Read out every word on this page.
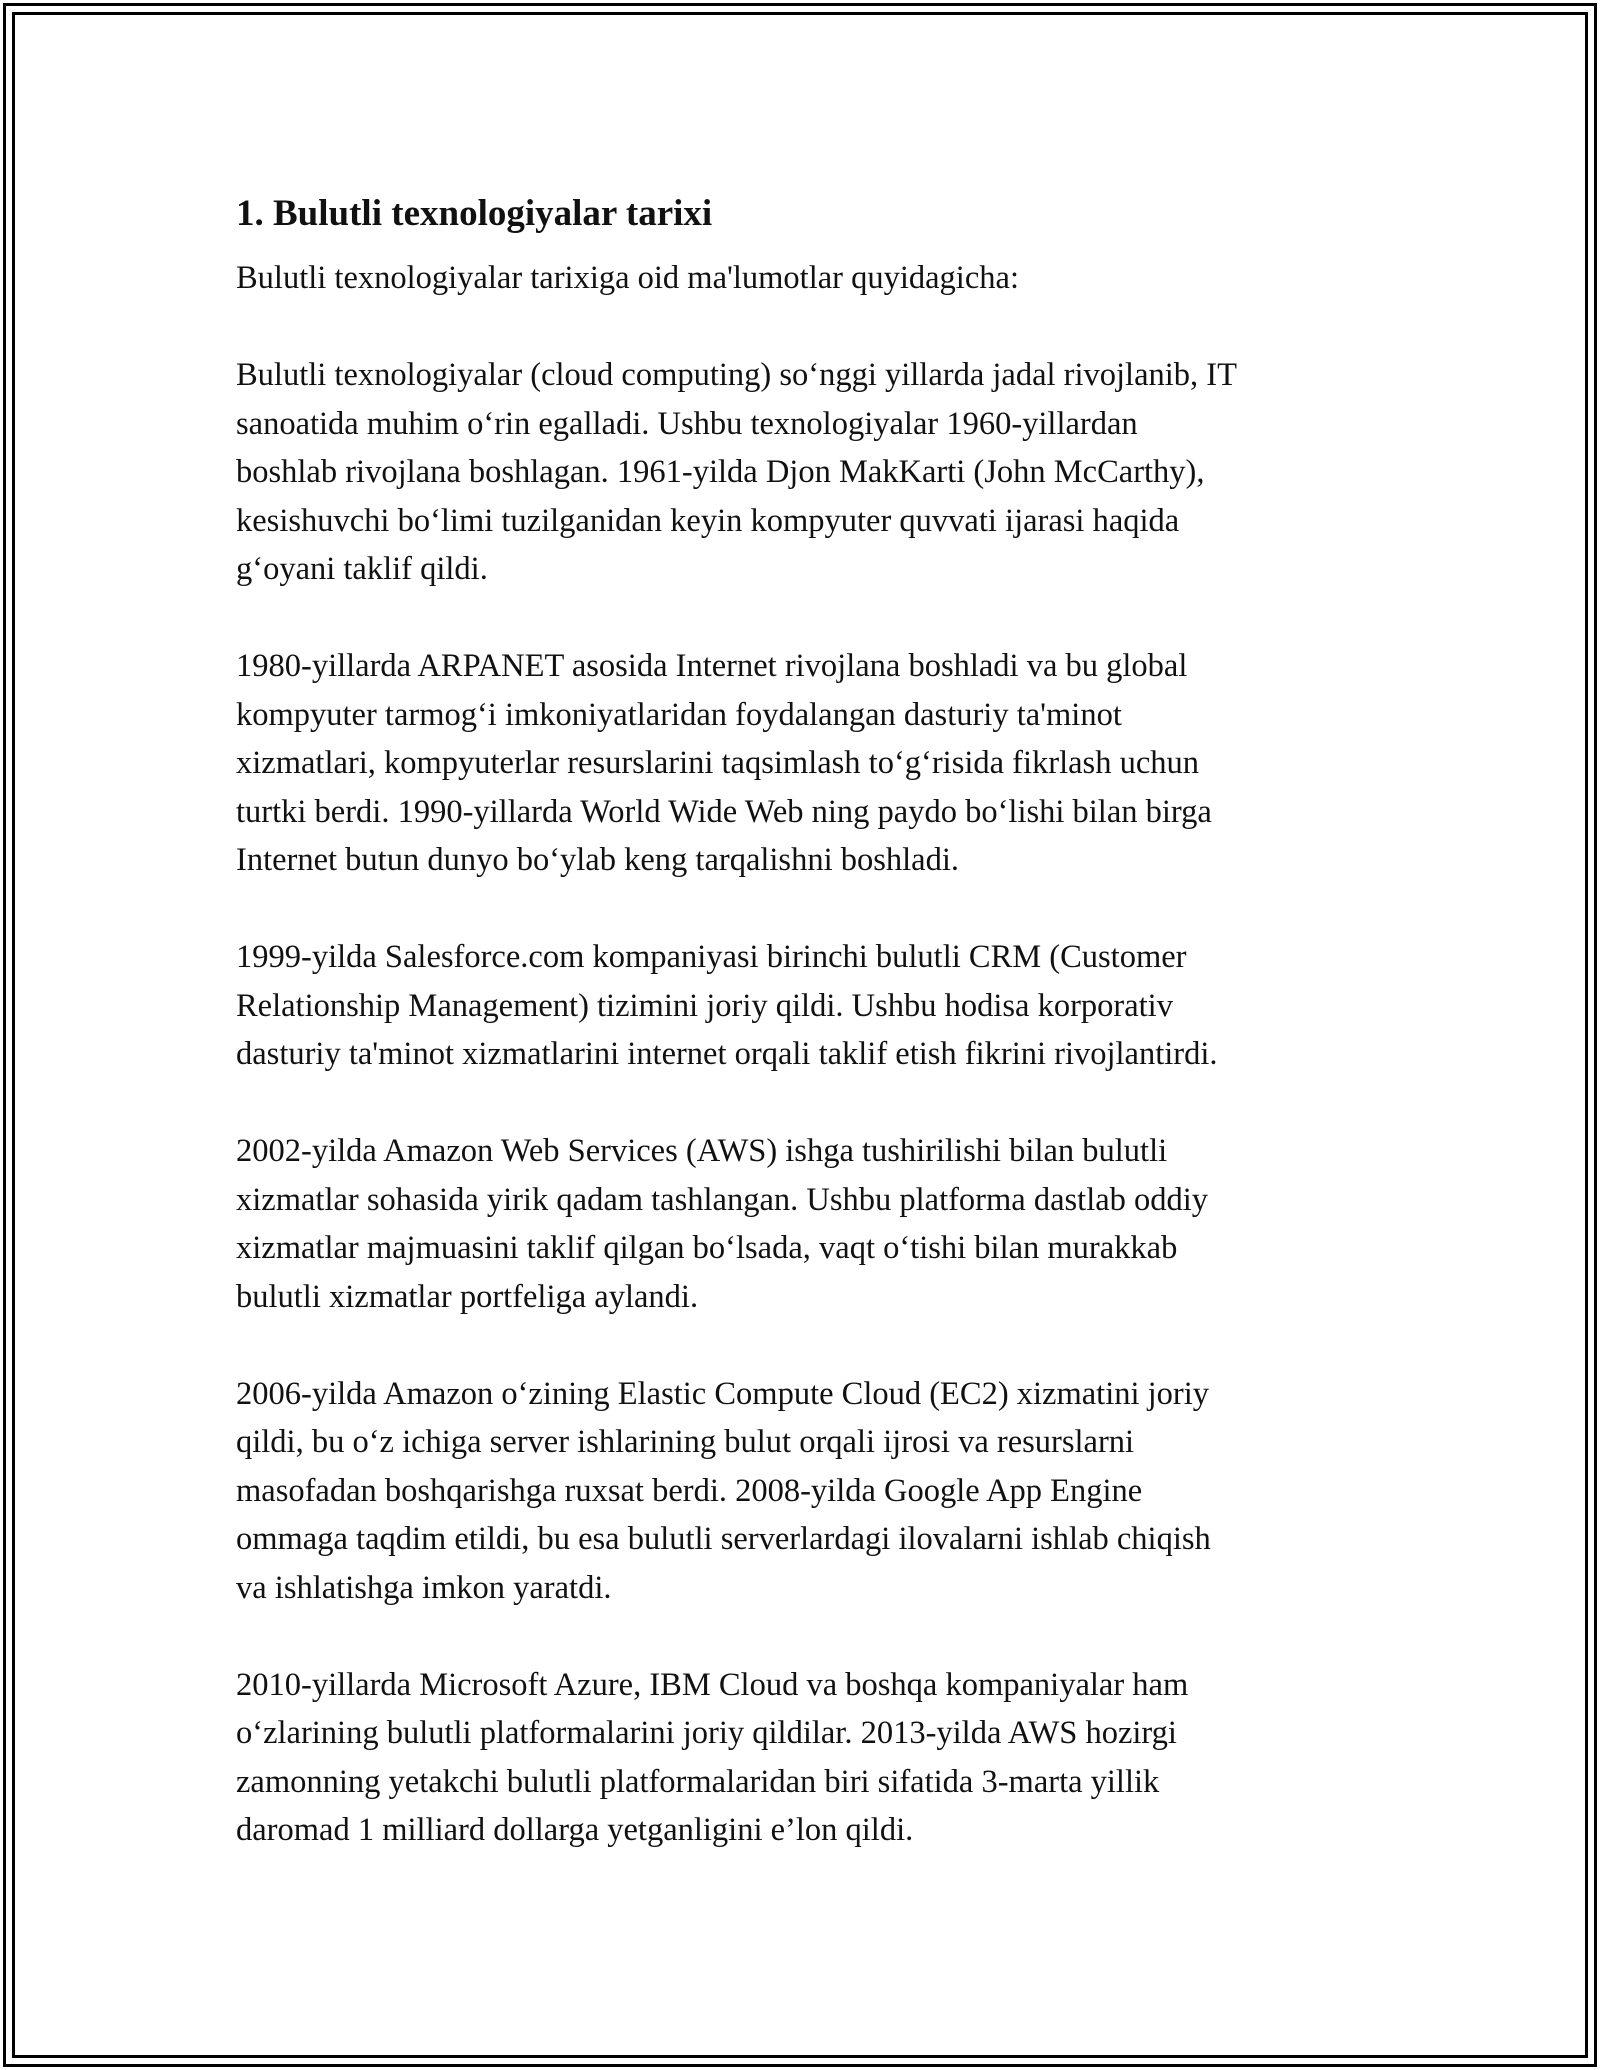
1. Bulutli texnologiyalar tarixi

Bulutli texnologiyalar tarixiga oid ma'lumotlar quyidagicha:

Bulutli texnologiyalar (cloud computing) so‘nggi yillarda jadal rivojlanib, IT
sanoatida muhim o‘rin egalladi. Ushbu texnologiyalar 1960-yillardan
boshlab rivojlana boshlagan. 1961-yilda Djon MakKarti (John McCarthy),
kesishuvchi bo‘limi tuzilganidan keyin kompyuter quvvati ijarasi haqida
g‘oyani taklif qildi.

1980-yillarda ARPANET asosida Internet rivojlana boshladi va bu global
kompyuter tarmog‘i imkoniyatlaridan foydalangan dasturiy ta'minot
xizmatlari, kompyuterlar resurslarini taqsimlash to‘g‘risida fikrlash uchun
turtki berdi. 1990-yillarda World Wide Web ning paydo bo‘lishi bilan birga
Internet butun dunyo bo‘ylab keng tarqalishni boshladi.

1999-yilda Salesforce.com kompaniyasi birinchi bulutli CRM (Customer
Relationship Management) tizimini joriy qildi. Ushbu hodisa korporativ
dasturiy ta'minot xizmatlarini internet orqali taklif etish fikrini rivojlantirdi.

2002-yilda Amazon Web Services (AWS) ishga tushirilishi bilan bulutli
xizmatlar sohasida yirik qadam tashlangan. Ushbu platforma dastlab oddiy
xizmatlar majmuasini taklif qilgan bo‘lsada, vaqt o‘tishi bilan murakkab
bulutli xizmatlar portfeliga aylandi.

2006-yilda Amazon o‘zining Elastic Compute Cloud (EC2) xizmatini joriy
qildi, bu o‘z ichiga server ishlarining bulut orqali ijrosi va resurslarni
masofadan boshqarishga ruxsat berdi. 2008-yilda Google App Engine
ommaga taqdim etildi, bu esa bulutli serverlardagi ilovalarni ishlab chiqish
va ishlatishga imkon yaratdi.

2010-yillarda Microsoft Azure, IBM Cloud va boshqa kompaniyalar ham
o‘zlarining bulutli platformalarini joriy qildilar. 2013-yilda AWS hozirgi
zamonning yetakchi bulutli platformalaridan biri sifatida 3-marta yillik
daromad 1 milliard dollarga yetganligini e’lon qildi.
